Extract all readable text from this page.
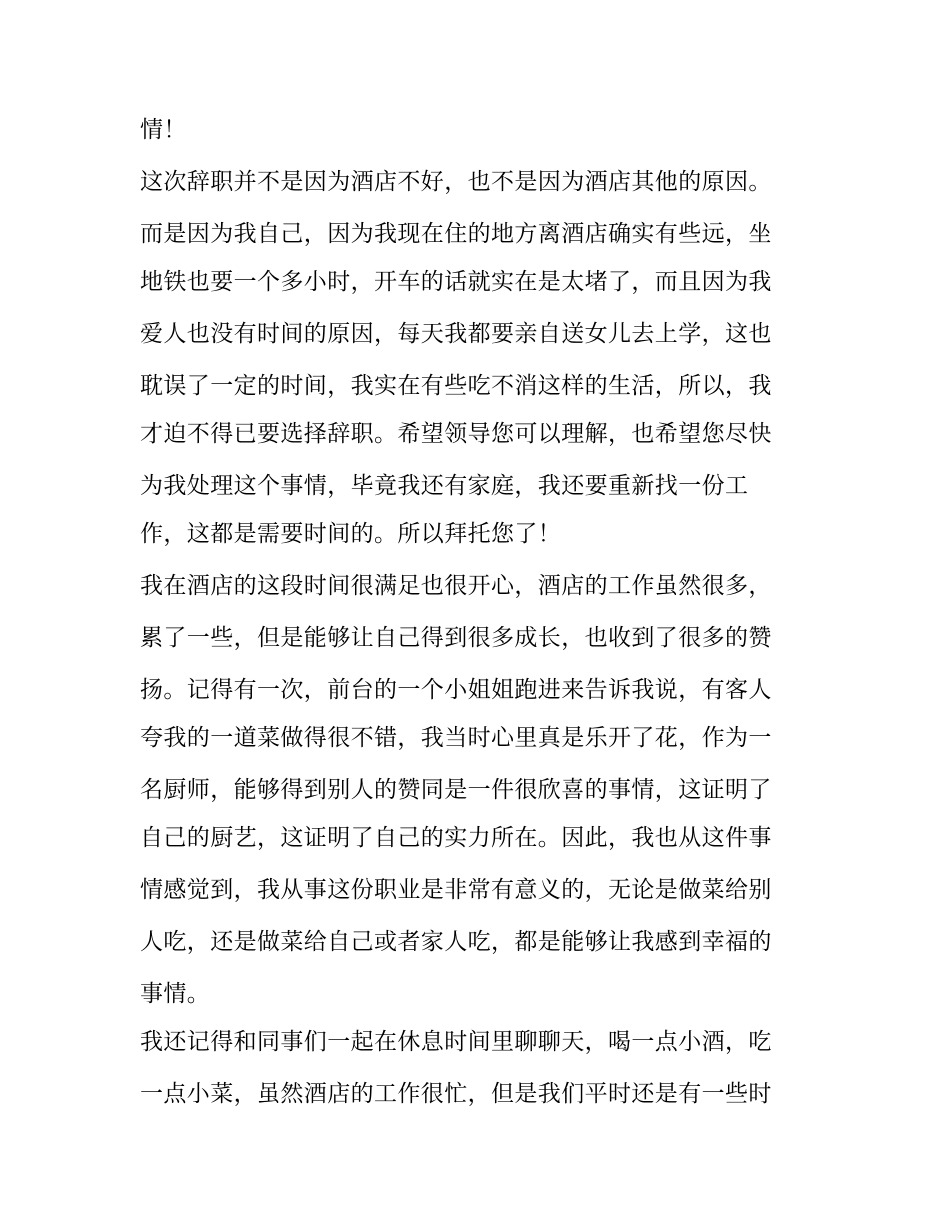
情！
这次辞职并不是因为酒店不好，也不是因为酒店其他的原因。
而是因为我自己，因为我现在住的地方离酒店确实有些远，坐
地铁也要一个多小时，开车的话就实在是太堵了，而且因为我
爱人也没有时间的原因，每天我都要亲自送女儿去上学，这也
耽误了一定的时间，我实在有些吃不消这样的生活，所以，我
才迫不得已要选择辞职。希望领导您可以理解，也希望您尽快
为我处理这个事情，毕竟我还有家庭，我还要重新找一份工
作，这都是需要时间的。所以拜托您了！
我在酒店的这段时间很满足也很开心，酒店的工作虽然很多，
累了一些，但是能够让自己得到很多成长，也收到了很多的赞
扬。记得有一次，前台的一个小姐姐跑进来告诉我说，有客人
夸我的一道菜做得很不错，我当时心里真是乐开了花，作为一
名厨师，能够得到别人的赞同是一件很欣喜的事情，这证明了
自己的厨艺，这证明了自己的实力所在。因此，我也从这件事
情感觉到，我从事这份职业是非常有意义的，无论是做菜给别
人吃，还是做菜给自己或者家人吃，都是能够让我感到幸福的
事情。
我还记得和同事们一起在休息时间里聊聊天，喝一点小酒，吃
一点小菜，虽然酒店的工作很忙，但是我们平时还是有一些时
